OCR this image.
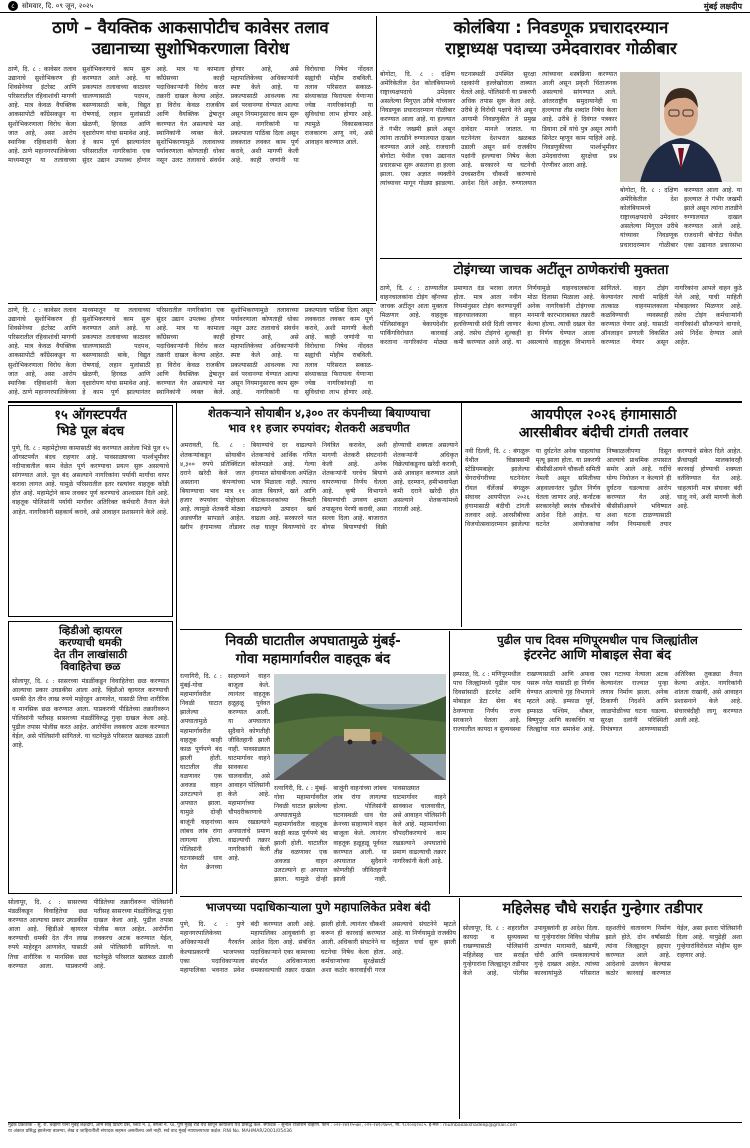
८	सोमवार, दि. ०९ जून, २०२५	मुंबई लक्षदीप
ठाणे – वैयक्तिक आकसापोटीच कावेसर तलाव
उद्यानाच्या सुशोभिकरणाला विरोध
ठाणे, दि. ८ : कावेसर तलाव उद्यानाचे सुशोभिकरण ही शिवसेनेच्या इंटरेस्ट आणि परिसरातील रहिवाशांची मागणी आहे. मात्र केवळ वैयक्तिक आकसापोटी काँग्रेसकडून या सुशोभिकरणाला विरोध केला जात आहे, असा आरोप स्थानिक रहिवाशांनी केला आहे. ठाणे महानगरपालिकेच्या माध्यमातून या तलावाच्या सुशोभिकरणाचे काम सुरू करण्यात आले आहे. या प्रकल्पात तलावाच्या काठावर चालण्यासाठी पदपथ, बसण्यासाठी बाके, विद्युत रोषणाई, लहान मुलांसाठी खेळणी, हिरवळ आणि वृक्षारोपण यांचा समावेश आहे. हे काम पूर्ण झाल्यानंतर परिसरातील नागरिकांना एक सुंदर उद्यान उपलब्ध होणार आहे. मात्र या कामाला काँग्रेसच्या काही पदाधिकाऱ्यांनी विरोध करत तक्रारी दाखल केल्या आहेत. हा विरोध केवळ राजकीय आणि वैयक्तिक द्वेषातून करण्यात येत असल्याचे मत स्थानिकांनी व्यक्त केले. सुशोभिकरणामुळे तलावाच्या पर्यावरणाला कोणताही धोका नसून उलट तलावाचे संवर्धन होणार आहे, असे महापालिकेच्या अधिकाऱ्यांनी स्पष्ट केले आहे. या प्रकल्पासाठी आवश्यक त्या सर्व परवानग्या घेण्यात आल्या असून नियमानुसारच काम सुरू आहे. नागरिकांनी या प्रकल्पाला पाठिंबा दिला असून लवकरात लवकर काम पूर्ण करावे, अशी मागणी केली आहे. काही जणांनी या विरोधाचा निषेध नोंदवत सह्यांची मोहीम राबविली. तलाव परिसरात सकाळ-संध्याकाळ फिरायला येणाऱ्या ज्येष्ठ नागरिकांनाही या सुविधांचा लाभ होणार आहे. त्यामुळे विकासकामात राजकारण आणू नये, असे आवाहन करण्यात आले.
कोलंबिया : निवडणूक प्रचारादरम्यान
राष्ट्राध्यक्ष पदाच्या उमेदवारावर गोळीबार
बोगोटा, दि. ८ : दक्षिण अमेरिकेतील देश कोलंबियामध्ये राष्ट्राध्यक्षपदाचे उमेदवार असलेल्या मिगुएल उरीबे यांच्यावर निवडणूक प्रचारादरम्यान गोळीबार करण्यात आला आहे. या हल्ल्यात ते गंभीर जखमी झाले असून त्यांना तातडीने रुग्णालयात दाखल करण्यात आले आहे. राजधानी बोगोटा येथील एका उद्यानात प्रचारसभा सुरू असताना हा हल्ला झाला. एका अज्ञात व्यक्तीने त्यांच्यावर मागून गोळ्या झाडल्या. घटनास्थळी उपस्थित सुरक्षा रक्षकांनी हल्लेखोराला ताब्यात घेतले आहे. पोलिसांनी या प्रकरणी अधिक तपास सुरू केला आहे. उरीबे हे विरोधी पक्षाचे नेते असून आगामी निवडणुकीत ते प्रमुख दावेदार मानले जातात. या घटनेनंतर देशभरात खळबळ उडाली असून सर्व राजकीय पक्षांनी हल्ल्याचा निषेध केला आहे. सरकारने या घटनेची उच्चस्तरीय चौकशी करण्याचे आदेश दिले आहेत. रुग्णालयात त्यांच्यावर शस्त्रक्रिया करण्यात आली असून प्रकृती चिंताजनक असल्याचे सांगण्यात आले. आंतरराष्ट्रीय समुदायानेही या हल्ल्याचा तीव्र शब्दांत निषेध केला आहे. उरीबे हे दिवंगत पत्रकार डियाना टर्बे यांचे पुत्र असून त्यांनी सिनेटर म्हणून काम पाहिले आहे. निवडणुकीच्या पार्श्वभूमीवर उमेदवारांच्या सुरक्षेचा प्रश्न ऐरणीवर आला आहे.
बोगोटा, दि. ८ : दक्षिण अमेरिकेतील देश कोलंबियामध्ये राष्ट्राध्यक्षपदाचे उमेदवार असलेल्या मिगुएल उरीबे यांच्यावर निवडणूक प्रचारादरम्यान गोळीबार करण्यात आला आहे. या हल्ल्यात ते गंभीर जखमी झाले असून त्यांना तातडीने रुग्णालयात दाखल करण्यात आले आहे. राजधानी बोगोटा येथील एका उद्यानात प्रचारसभा
टोइंगच्या जाचक अटींतून ठाणेकरांची मुक्तता
ठाणे, दि. ८ : ठाण्यातील वाहनचालकांना टोइंग व्हॅनच्या जाचक अटींतून आता मुक्तता मिळणार आहे. वाहतूक पोलिसांकडून बेकायदेशीर पार्किंगविरोधात कारवाई करताना नागरिकांना मोठ्या प्रमाणात दंड भरावा लागत होता. मात्र आता नवीन नियमांनुसार टोइंग करण्यापूर्वी वाहनचालकाला वाहन हलविण्याची संधी दिली जाणार आहे. तसेच टोइंगचे शुल्कही कमी करण्यात आले आहे. या निर्णयामुळे वाहनचालकांना मोठा दिलासा मिळाला आहे. अनेक नागरिकांनी टोइंगच्या मनमानी कारभाराबाबत तक्रारी केल्या होत्या. त्याची दखल घेत हा निर्णय घेण्यात आला असल्याचे वाहतूक विभागाने सांगितले. वाहन टोइंग केल्यानंतर त्याची माहिती तात्काळ वाहनमालकाला कळविण्याची व्यवस्थाही करण्यात येणार आहे. यासाठी ऑनलाइन प्रणाली विकसित करण्यात येणार असून नागरिकांना आपले वाहन कुठे नेले आहे, याची माहिती मोबाइलवर मिळणार आहे. तसेच टोइंग कर्मचाऱ्यांनी नागरिकांशी सौजन्याने वागावे, असे निर्देश देण्यात आले आहेत.
ठाणे, दि. ८ : कावेसर तलाव उद्यानाचे सुशोभिकरण ही शिवसेनेच्या इंटरेस्ट आणि परिसरातील रहिवाशांची मागणी आहे. मात्र केवळ वैयक्तिक आकसापोटी काँग्रेसकडून या सुशोभिकरणाला विरोध केला जात आहे, असा आरोप स्थानिक रहिवाशांनी केला आहे. ठाणे महानगरपालिकेच्या माध्यमातून या तलावाच्या सुशोभिकरणाचे काम सुरू करण्यात आले आहे. या प्रकल्पात तलावाच्या काठावर चालण्यासाठी पदपथ, बसण्यासाठी बाके, विद्युत रोषणाई, लहान मुलांसाठी खेळणी, हिरवळ आणि वृक्षारोपण यांचा समावेश आहे. हे काम पूर्ण झाल्यानंतर परिसरातील नागरिकांना एक सुंदर उद्यान उपलब्ध होणार आहे. मात्र या कामाला काँग्रेसच्या काही पदाधिकाऱ्यांनी विरोध करत तक्रारी दाखल केल्या आहेत. हा विरोध केवळ राजकीय आणि वैयक्तिक द्वेषातून करण्यात येत असल्याचे मत स्थानिकांनी व्यक्त केले. सुशोभिकरणामुळे तलावाच्या पर्यावरणाला कोणताही धोका नसून उलट तलावाचे संवर्धन होणार आहे, असे महापालिकेच्या अधिकाऱ्यांनी स्पष्ट केले आहे. या प्रकल्पासाठी आवश्यक त्या सर्व परवानग्या घेण्यात आल्या असून नियमानुसारच काम सुरू आहे. नागरिकांनी या प्रकल्पाला पाठिंबा दिला असून लवकरात लवकर काम पूर्ण करावे, अशी मागणी केली आहे. काही जणांनी या विरोधाचा निषेध नोंदवत सह्यांची मोहीम राबविली. तलाव परिसरात सकाळ-संध्याकाळ फिरायला येणाऱ्या ज्येष्ठ नागरिकांनाही या सुविधांचा लाभ होणार आहे.
१५ ऑगस्टपर्यंत
भिडे पूल बंदच
पुणे, दि. ८ : महामेट्रोच्या कामासाठी बंद करण्यात आलेला भिडे पूल १५ ऑगस्टपर्यंत बंदच राहणार आहे. पावसाळ्याच्या पार्श्वभूमीवर नदीपात्रातील काम वेळेत पूर्ण करण्याचा प्रयत्न सुरू असल्याचे सांगण्यात आले. पूल बंद असल्याने नागरिकांना पर्यायी मार्गांचा वापर करावा लागत आहे. यामुळे परिसरातील इतर रस्त्यांवर वाहतूक कोंडी होत आहे. महामेट्रोने काम लवकर पूर्ण करण्याचे आश्वासन दिले आहे. वाहतूक पोलिसांनी पर्यायी मार्गांवर अतिरिक्त कर्मचारी तैनात केले आहेत. नागरिकांनी सहकार्य करावे, असे आवाहन प्रशासनाने केले आहे.
व्हिडीओ व्हायरल
करण्याची धमकी
देत तीन लाखांसाठी
विवाहितेचा छळ
सोलापूर, दि. ८ : सासरच्या मंडळींकडून विवाहितेचा छळ करण्यात आल्याचा प्रकार उघडकीस आला आहे. व्हिडीओ व्हायरल करण्याची धमकी देत तीन लाख रुपये माहेरहून आणावेत, यासाठी तिचा शारीरिक व मानसिक छळ करण्यात आला. याप्रकरणी पीडितेच्या तक्रारीवरून पोलिसांनी पतीसह सासरच्या मंडळींविरुद्ध गुन्हा दाखल केला आहे. पुढील तपास पोलीस करत आहेत. आरोपींना लवकरच अटक करण्यात येईल, असे पोलिसांनी सांगितले. या घटनेमुळे परिसरात खळबळ उडाली आहे.
शेतकऱ्याने सोयाबीन ४,३०० तर कंपनीच्या बियाण्याचा
भाव ११ हजार रुपयांवर; शेतकरी अडचणीत
अमरावती, दि. ८ : शेतकऱ्यांकडून सोयाबीन ४,३०० रुपये प्रतिक्विंटल दराने खरेदी केले जात असताना कंपन्यांच्या बियाण्याचा भाव मात्र ११ हजार रुपयांवर पोहोचला आहे. त्यामुळे शेतकरी मोठ्या अडचणीत सापडले आहेत. खरीप हंगामाच्या तोंडावर बियाण्यांचे दर वाढल्याने शेतकऱ्यांचे आर्थिक गणित कोलमडले आहे. गेल्या हंगामात सोयाबीनला अपेक्षित भाव मिळाला नाही. त्यातच आता बियाणे, खते आणि कीटकनाशकांच्या किमती वाढल्याने उत्पादन खर्च वाढला आहे. सरकारने यात लक्ष घालून बियाण्यांचे दर नियंत्रित करावेत, अशी मागणी शेतकरी संघटनांनी केली आहे. अनेक शेतकऱ्यांनी घरचेच बियाणे वापरण्याचा निर्णय घेतला आहे. कृषी विभागाने बियाण्यांची उगवण क्षमता तपासूनच पेरणी करावी, असा सल्ला दिला आहे. बाजारात बोगस बियाण्यांची विक्री होण्याची शक्यता असल्याने शेतकऱ्यांनी अधिकृत विक्रेत्यांकडूनच खरेदी करावी, असे आवाहन करण्यात आले आहे. दरम्यान, हमीभावापेक्षा कमी दराने खरेदी होत असल्याने शेतकऱ्यांमध्ये नाराजी आहे.
आयपीएल २०२६ हंगामासाठी
आरसीबीवर बंदीची टांगती तलवार
नवी दिल्ली, दि. ८ : बंगळुरू येथील चिन्नास्वामी स्टेडियमबाहेर झालेल्या चेंगराचेंगरीच्या घटनेनंतर रॉयल चॅलेंजर्स बंगळुरू संघावर आयपीएल २०२६ हंगामासाठी बंदीची टांगती तलवार आहे. आरसीबीच्या विजयोत्सवादरम्यान झालेल्या या दुर्घटनेत अनेक चाहत्यांचा मृत्यू झाला होता. या प्रकरणी बीसीसीआयने चौकशी समिती नेमली असून समितीच्या अहवालानंतर पुढील निर्णय घेतला जाणार आहे. कर्नाटक सरकारनेही स्वतंत्र चौकशीचे आदेश दिले आहेत. या घटनेत आयोजकांचा निष्काळजीपणा दिसून आल्याचे प्राथमिक तपासात समोर आले आहे. गर्दीचे योग्य नियोजन न केल्याने ही दुर्घटना घडल्याचा आरोप करण्यात येत आहे. बीसीसीआयने भविष्यात अशा घटना टाळण्यासाठी नवीन नियमावली तयार करण्याचे संकेत दिले आहेत. फ्रँचायझी मालकांवरही कारवाई होण्याची शक्यता वर्तविण्यात येत आहे. चाहत्यांनी मात्र संघावर बंदी घालू नये, अशी मागणी केली आहे.
निवळी घाटातील अपघातामुळे मुंबई-
गोवा महामार्गावरील वाहतूक बंद
रत्नागिरी, दि. ८ : मुंबई-गोवा महामार्गावरील निवळी घाटात झालेल्या अपघातामुळे महामार्गावरील वाहतूक काही काळ पूर्णपणे बंद झाली होती. घाटातील तीव्र वळणावर एक अवजड वाहन उलटल्याने हा अपघात झाला. यामुळे दोन्ही बाजूंनी वाहनांच्या लांबच लांब रांगा लागल्या होत्या. पोलिसांनी घटनास्थळी धाव घेत क्रेनच्या साहाय्याने वाहन बाजूला केले. त्यानंतर वाहतूक हळूहळू पूर्ववत करण्यात आली. या अपघातात सुदैवाने कोणतीही जीवितहानी झाली नाही. पावसाळ्यात घाटमार्गावर वाहने सावकाश चालवावीत, असे आवाहन पोलिसांनी केले आहे. महामार्गाच्या चौपदरीकरणाचे काम रखडल्याने अपघातांचे प्रमाण वाढल्याची तक्रार नागरिकांनी केली आहे.
रत्नागिरी, दि. ८ : मुंबई-गोवा महामार्गावरील निवळी घाटात झालेल्या अपघातामुळे महामार्गावरील वाहतूक काही काळ पूर्णपणे बंद झाली होती. घाटातील तीव्र वळणावर एक अवजड वाहन उलटल्याने हा अपघात झाला. यामुळे दोन्ही बाजूंनी वाहनांच्या लांबच लांब रांगा लागल्या होत्या. पोलिसांनी घटनास्थळी धाव घेत क्रेनच्या साहाय्याने वाहन बाजूला केले. त्यानंतर वाहतूक हळूहळू पूर्ववत करण्यात आली. या अपघातात सुदैवाने कोणतीही जीवितहानी झाली नाही. पावसाळ्यात घाटमार्गावर वाहने सावकाश चालवावीत, असे आवाहन पोलिसांनी केले आहे. महामार्गाच्या चौपदरीकरणाचे काम रखडल्याने अपघातांचे प्रमाण वाढल्याची तक्रार नागरिकांनी केली आहे.
पुढील पाच दिवस मणिपूरमधील पाच जिल्ह्यांतील
इंटरनेट आणि मोबाइल सेवा बंद
इम्फाळ, दि. ८ : मणिपूरमधील पाच जिल्ह्यांमध्ये पुढील पाच दिवसांसाठी इंटरनेट आणि मोबाइल डेटा सेवा बंद ठेवण्याचा निर्णय राज्य सरकारने घेतला आहे. राज्यातील कायदा व सुव्यवस्था राखण्यासाठी आणि अफवा पसरू नयेत यासाठी हा निर्णय घेण्यात आल्याचे गृह विभागाने म्हटले आहे. इम्फाळ पूर्व, इम्फाळ पश्चिम, थौबल, बिष्णुपूर आणि काकचिंग या जिल्ह्यांचा यात समावेश आहे. एका गटाच्या नेत्याला अटक केल्यानंतर राज्यात पुन्हा तणाव निर्माण झाला. अनेक ठिकाणी निदर्शने आणि जाळपोळीच्या घटना घडल्या. सुरक्षा दलांनी परिस्थिती नियंत्रणात आणण्यासाठी अतिरिक्त तुकड्या तैनात केल्या आहेत. नागरिकांनी शांतता राखावी, असे आवाहन प्रशासनाने केले आहे. संचारबंदीही लागू करण्यात आली आहे.
सोलापूर, दि. ८ : सासरच्या मंडळींकडून विवाहितेचा छळ करण्यात आल्याचा प्रकार उघडकीस आला आहे. व्हिडीओ व्हायरल करण्याची धमकी देत तीन लाख रुपये माहेरहून आणावेत, यासाठी तिचा शारीरिक व मानसिक छळ करण्यात आला. याप्रकरणी पीडितेच्या तक्रारीवरून पोलिसांनी पतीसह सासरच्या मंडळींविरुद्ध गुन्हा दाखल केला आहे. पुढील तपास पोलीस करत आहेत. आरोपींना लवकरच अटक करण्यात येईल, असे पोलिसांनी सांगितले. या घटनेमुळे परिसरात खळबळ उडाली आहे.
भाजपच्या पदाधिकाऱ्याला पुणे महापालिकेत प्रवेश बंदी
पुणे, दि. ८ : पुणे महानगरपालिकेच्या अधिकाऱ्याशी गैरवर्तन केल्याप्रकरणी भाजपच्या एका पदाधिकाऱ्याला महापालिका भवनात प्रवेश बंदी करण्यात आली आहे. महापालिका आयुक्तांनी हा आदेश दिला आहे. संबंधित पदाधिकाऱ्याने एका कामाच्या संदर्भात अधिकाऱ्याला धमकावल्याची तक्रार दाखल झाली होती. त्यानंतर चौकशी करून ही कारवाई करण्यात आली. अधिकारी संघटनेने या घटनेचा निषेध केला होता. कर्मचाऱ्यांच्या सुरक्षेसाठी अशा कठोर कारवाईची गरज असल्याचे संघटनेने म्हटले आहे. या निर्णयामुळे राजकीय वर्तुळात चर्चा सुरू झाली आहे.
महिलेसह चौघे सराईत गुन्हेगार तडीपार
सोलापूर, दि. ८ : शहरातील कायदा व सुव्यवस्था राखण्यासाठी पोलिसांनी महिलेसह चार सराईत गुन्हेगारांना जिल्ह्यातून तडीपार केले आहे. पोलीस उपायुक्तांनी हा आदेश दिला. या गुन्हेगारांवर विविध पोलीस ठाण्यांत मारामारी, खंडणी, चोरी आणि धमकावल्याचे गुन्हे दाखल आहेत. त्यांच्या कारवायांमुळे परिसरात दहशतीचे वातावरण निर्माण झाले होते. दोन वर्षांसाठी त्यांना जिल्ह्यातून हद्दपार करण्यात आले आहे. आदेशाचे उल्लंघन केल्यास कठोर कारवाई करण्यात येईल, असा इशारा पोलिसांनी दिला आहे. यापुढेही अशा गुन्हेगारांविरोधात मोहीम सुरू राहणार आहे.
मुद्रक प्रकाशक – सु. रा. चव्हाण यांनी मुंबई लक्षदीप, ओम साई प्रिंटिंग प्रेस, प्लॉट नं. ३, बंगला नं. ९४, पुणे मुंबई रोड येथे छापून कार्यालय येथे प्रसिद्ध केले. संपादक – सुनील राजाराम चव्हाण. फोन : ०२२-२४११५५७०, ०२२-२४१०९७५२, मो. ९८२००६२०८५. ई-मेल : mumbailakshadeep@gmail.com
या अंकात प्रसिद्ध झालेल्या बातम्या, लेख व जाहिरातींशी संपादक सहमत असतीलच असे नाही. सर्व वाद मुंबई न्यायालयाच्या कक्षेत. RNI No. MAHMAR/2001/05436
